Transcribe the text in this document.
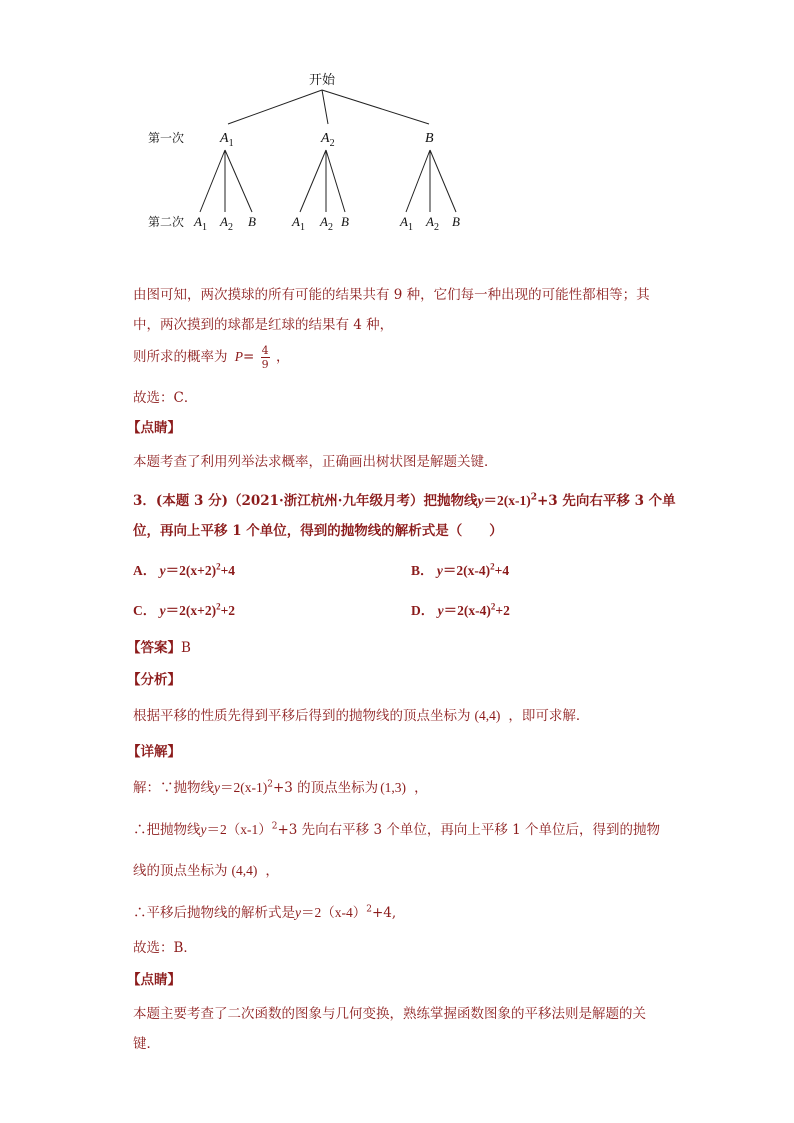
开始
第一次
第二次
$A_1$	$A_2$	B
$A_1$ $A_2$ B	$A_1$ $A_2$ B	$A_1$ $A_2$ B
由图可知，两次摸球的所有可能的结果共有 9 种，它们每一种出现的可能性都相等；其
中，两次摸到的球都是红球的结果有 4 种，
则所求的概率为 $P= \frac{4}{9}$ ，
故选：C．
【点睛】
本题考查了利用列举法求概率，正确画出树状图是解题关键．
3．(本题 3 分)（2021·浙江杭州·九年级月考）把抛物线$y=2(x-1)^2+3$ 先向右平移 3 个单
位，再向上平移 1 个单位，得到的抛物线的解析式是（　　）
A． $y=2(x+2)^2+4$	B． $y=2(x-4)^2+4$
C． $y=2(x+2)^2+2$	D． $y=2(x-4)^2+2$
【答案】B
【分析】
根据平移的性质先得到平移后得到的抛物线的顶点坐标为 (4,4) ，即可求解．
【详解】
解：∵抛物线$y=2(x-1)^2+3$ 的顶点坐标为 (1,3) ，
∴把抛物线$y=2(x-1)^2+3$ 先向右平移 3 个单位，再向上平移 1 个单位后，得到的抛物
线的顶点坐标为 (4,4) ，
∴平移后抛物线的解析式是$y=2(x-4)^2+4$,
故选：B．
【点睛】
本题主要考查了二次函数的图象与几何变换，熟练掌握函数图象的平移法则是解题的关
键．
